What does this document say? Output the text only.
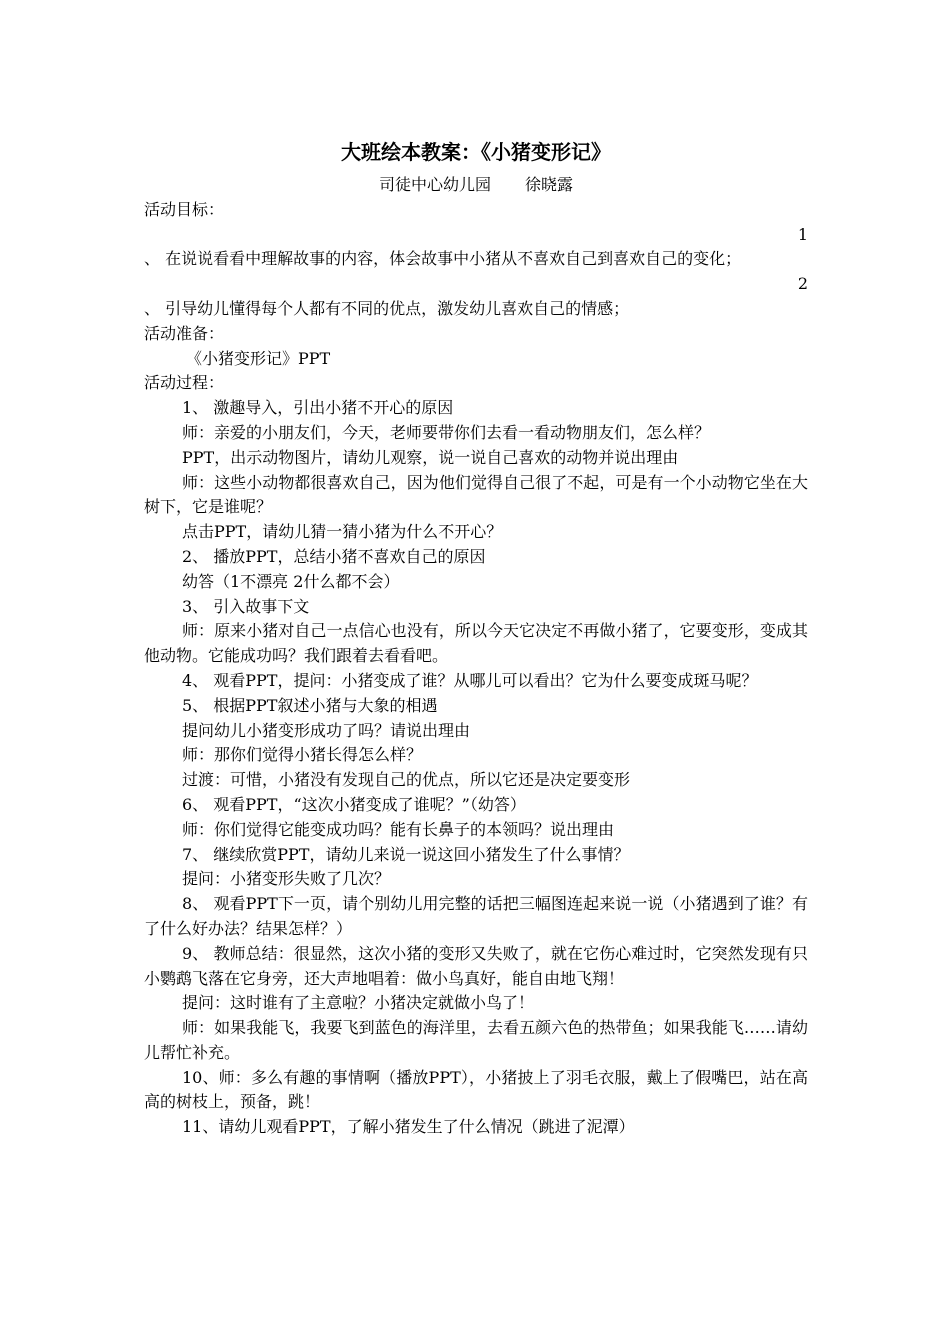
大班绘本教案：《小猪变形记》
司徒中心幼儿园 徐晓露

活动目标：

1

、 在说说看看中理解故事的内容，体会故事中小猪从不喜欢自己到喜欢自己的变化；

2

、 引导幼儿懂得每个人都有不同的优点，激发幼儿喜欢自己的情感；

活动准备：

《小猪变形记》PPT

活动过程：

1、 激趣导入，引出小猪不开心的原因

师：亲爱的小朋友们，今天，老师要带你们去看一看动物朋友们，怎么样？

PPT，出示动物图片，请幼儿观察，说一说自己喜欢的动物并说出理由

师：这些小动物都很喜欢自己，因为他们觉得自己很了不起，可是有一个小动物它坐在大树下，它是谁呢？

点击PPT，请幼儿猜一猜小猪为什么不开心？

2、 播放PPT，总结小猪不喜欢自己的原因

幼答（1不漂亮 2什么都不会）

3、 引入故事下文

师：原来小猪对自己一点信心也没有，所以今天它决定不再做小猪了，它要变形，变成其他动物。它能成功吗？我们跟着去看看吧。

4、 观看PPT，提问：小猪变成了谁？从哪儿可以看出？它为什么要变成斑马呢？

5、 根据PPT叙述小猪与大象的相遇

提问幼儿小猪变形成功了吗？请说出理由

师：那你们觉得小猪长得怎么样？

过渡：可惜，小猪没有发现自己的优点，所以它还是决定要变形

6、 观看PPT，“这次小猪变成了谁呢？”（幼答）

师：你们觉得它能变成功吗？能有长鼻子的本领吗？说出理由

7、 继续欣赏PPT，请幼儿来说一说这回小猪发生了什么事情？

提问：小猪变形失败了几次？

8、 观看PPT下一页，请个别幼儿用完整的话把三幅图连起来说一说（小猪遇到了谁？有了什么好办法？结果怎样？）

9、 教师总结：很显然，这次小猪的变形又失败了，就在它伤心难过时，它突然发现有只小鹦鹉飞落在它身旁，还大声地唱着：做小鸟真好，能自由地飞翔！

提问：这时谁有了主意啦？小猪决定就做小鸟了！

师：如果我能飞，我要飞到蓝色的海洋里，去看五颜六色的热带鱼；如果我能飞……请幼儿帮忙补充。

10、师：多么有趣的事情啊（播放PPT），小猪披上了羽毛衣服，戴上了假嘴巴，站在高高的树枝上，预备，跳！

11、请幼儿观看PPT，了解小猪发生了什么情况（跳进了泥潭）
